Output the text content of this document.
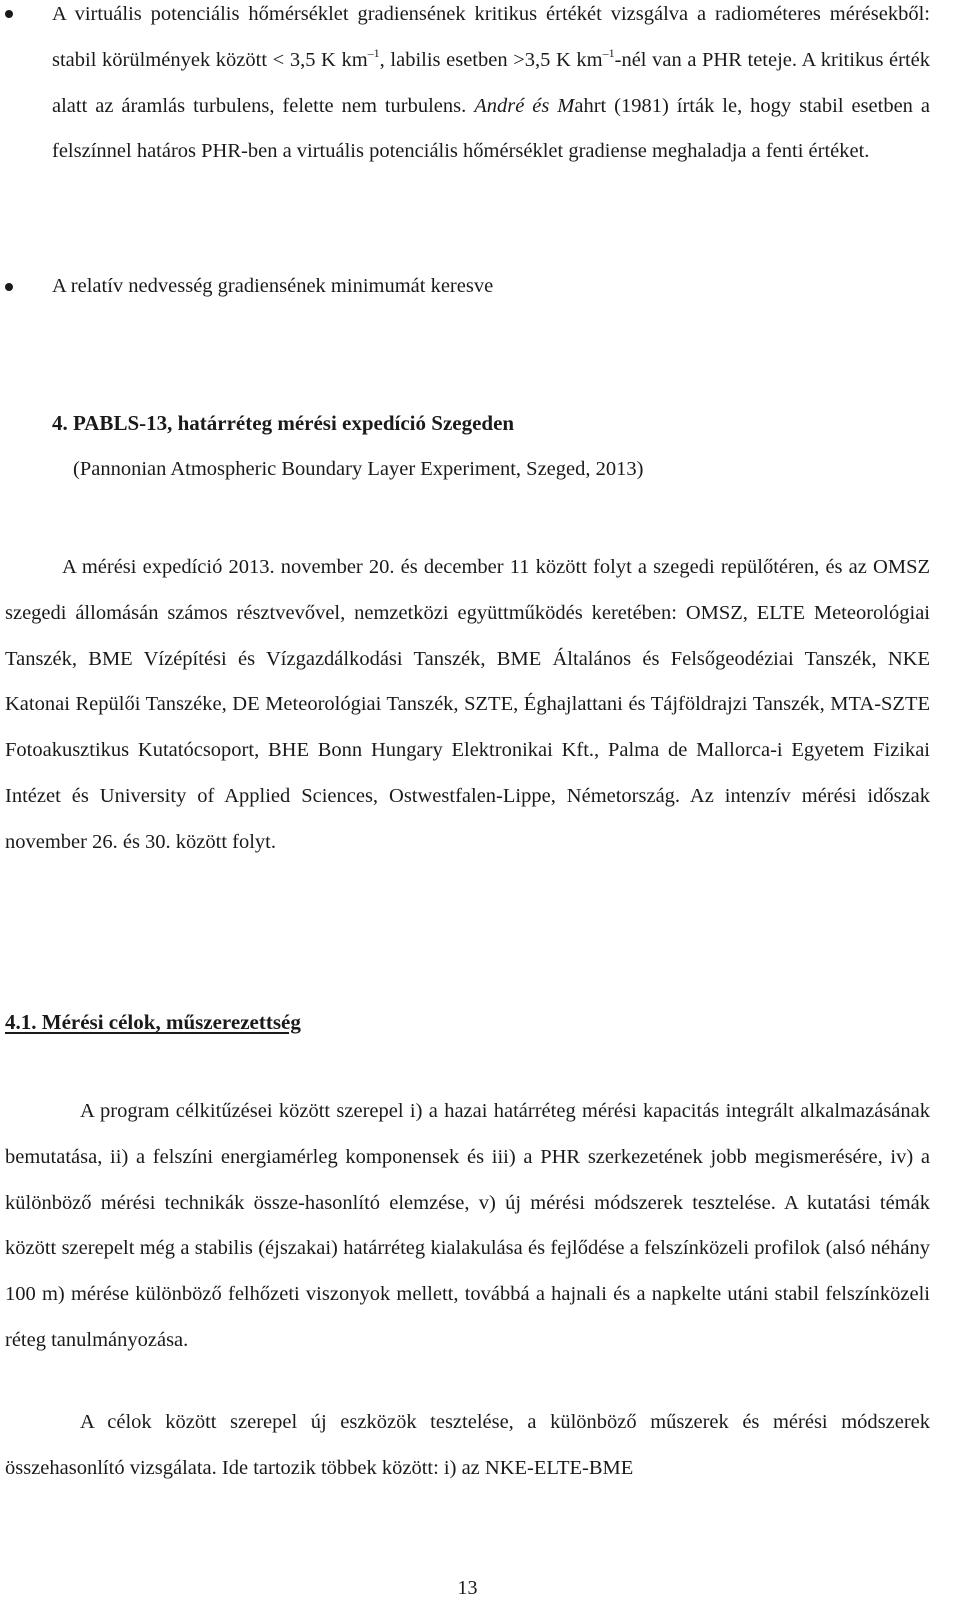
A virtuális potenciális hőmérséklet gradiensének kritikus értékét vizsgálva a radiométeres mérésekből: stabil körülmények között < 3,5 K $km^{-1}$, labilis esetben >3,5 K $km^{-1}$-nél van a PHR teteje. A kritikus érték alatt az áramlás turbulens, felette nem turbulens. André és Mahrt (1981) írták le, hogy stabil esetben a felszínnel határos PHR-ben a virtuális potenciális hőmérséklet gradiense meghaladja a fenti értéket.

A relatív nedvesség gradiensének minimumát keresve

4. PABLS-13, határréteg mérési expedíció Szegeden

(Pannonian Atmospheric Boundary Layer Experiment, Szeged, 2013)

A mérési expedíció 2013. november 20. és december 11 között folyt a szegedi repülőtéren, és az OMSZ szegedi állomásán számos résztvevővel, nemzetközi együttműködés keretében: OMSZ, ELTE Meteorológiai Tanszék, BME Vízépítési és Vízgazdálkodási Tanszék, BME Általános és Felsőgeodéziai Tanszék, NKE Katonai Repülői Tanszéke, DE Meteorológiai Tanszék, SZTE, Éghajlattani és Tájföldrajzi Tanszék, MTA-SZTE Fotoakusztikus Kutatócsoport, BHE Bonn Hungary Elektronikai Kft., Palma de Mallorca-i Egyetem Fizikai Intézet és University of Applied Sciences, Ostwestfalen-Lippe, Németország. Az intenzív mérési időszak november 26. és 30. között folyt.

4.1. Mérési célok, műszerezettség

A program célkitűzései között szerepel i) a hazai határréteg mérési kapacitás integrált alkalmazásának bemutatása, ii) a felszíni energiamérleg komponensek és iii) a PHR szerkezetének jobb megismerésére, iv) a különböző mérési technikák össze-hasonlító elemzése, v) új mérési módszerek tesztelése. A kutatási témák között szerepelt még a stabilis (éjszakai) határréteg kialakulása és fejlődése a felszínközeli profilok (alsó néhány 100 m) mérése különböző felhőzeti viszonyok mellett, továbbá a hajnali és a napkelte utáni stabil felszínközeli réteg tanulmányozása.

A célok között szerepel új eszközök tesztelése, a különböző műszerek és mérési módszerek összehasonlító vizsgálata. Ide tartozik többek között: i) az NKE-ELTE-BME

13
